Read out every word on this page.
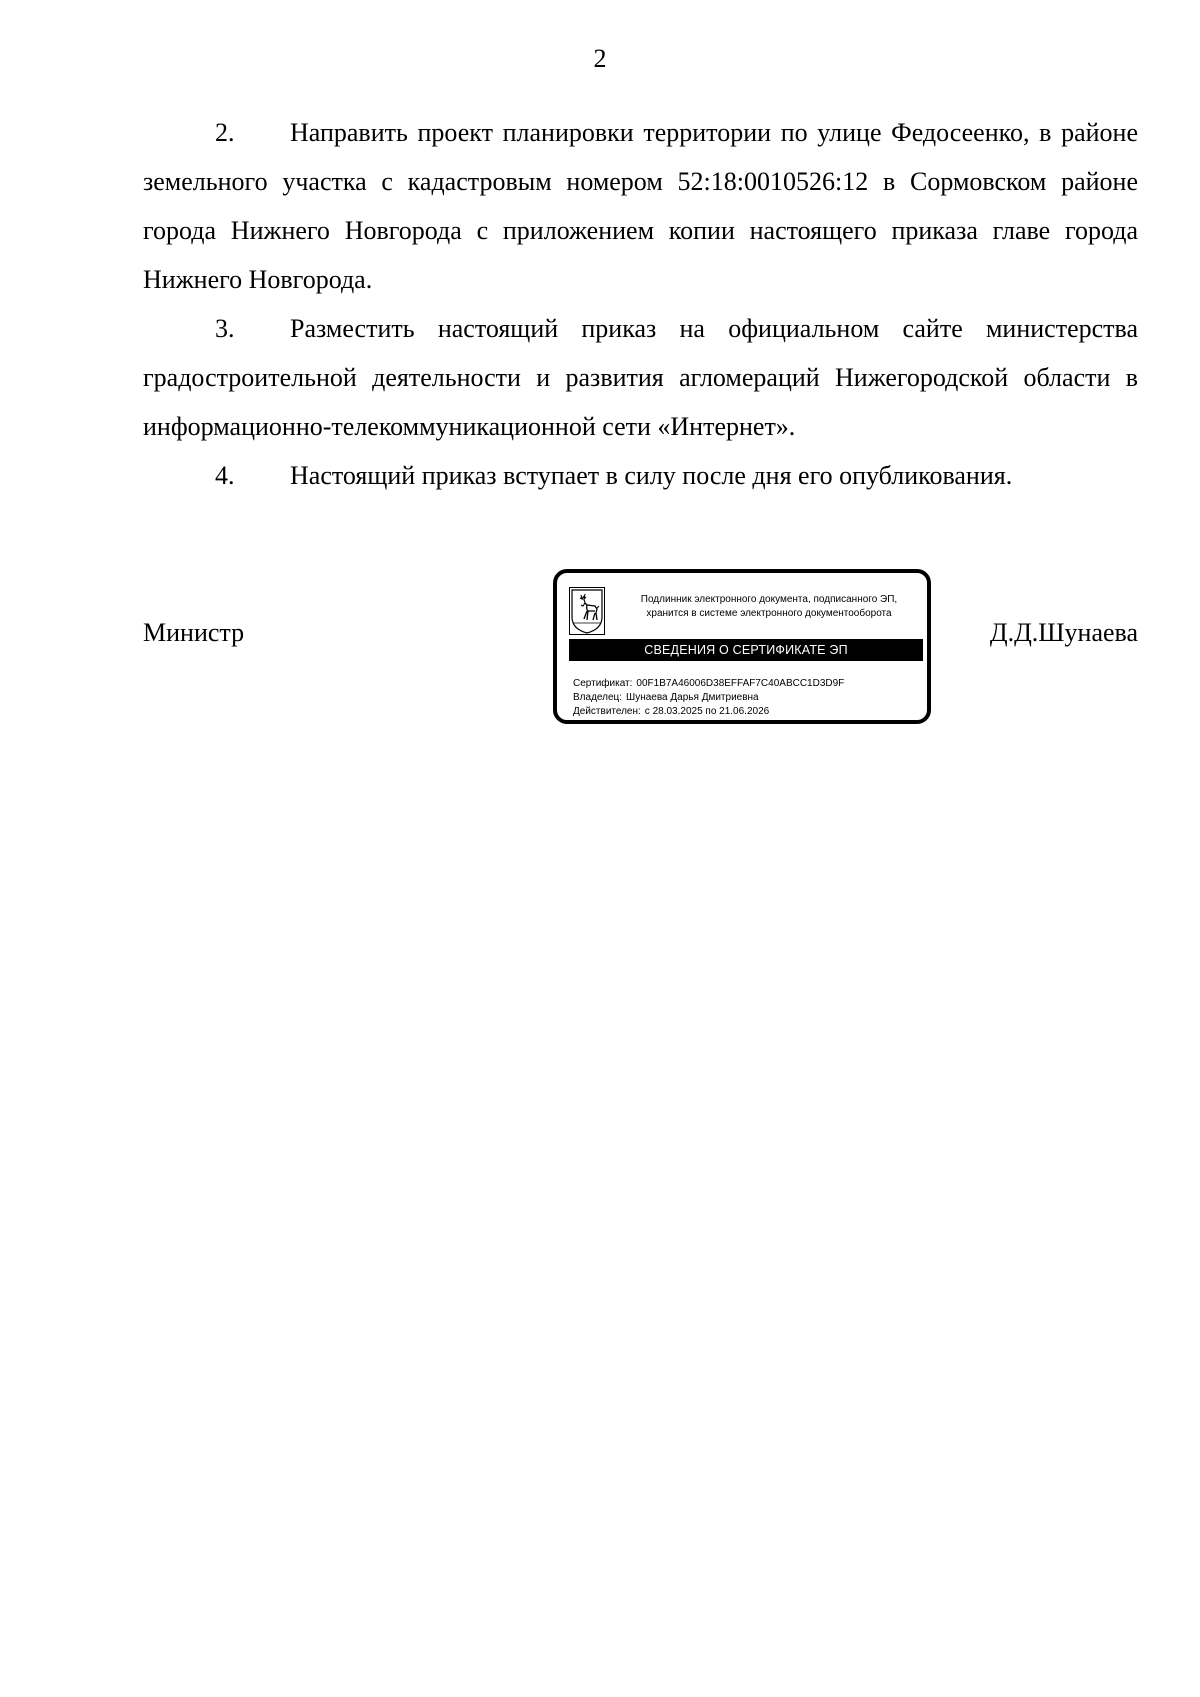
2

2. Направить проект планировки территории по улице Федосеенко, в районе земельного участка с кадастровым номером 52:18:0010526:12 в Сормовском районе города Нижнего Новгорода с приложением копии настоящего приказа главе города Нижнего Новгорода.

3. Разместить настоящий приказ на официальном сайте министерства градостроительной деятельности и развития агломераций Нижегородской области в информационно-телекоммуникационной сети «Интернет».

4. Настоящий приказ вступает в силу после дня его опубликования.

Министр
Подлинник электронного документа, подписанного ЭП,
хранится в системе электронного документооборота
СВЕДЕНИЯ О СЕРТИФИКАТЕ ЭП
Сертификат: 00F1B7A46006D38EFFAF7C40ABCC1D3D9F
Владелец: Шунаева Дарья Дмитриевна
Действителен: с 28.03.2025 по 21.06.2026
Д.Д.Шунаева
